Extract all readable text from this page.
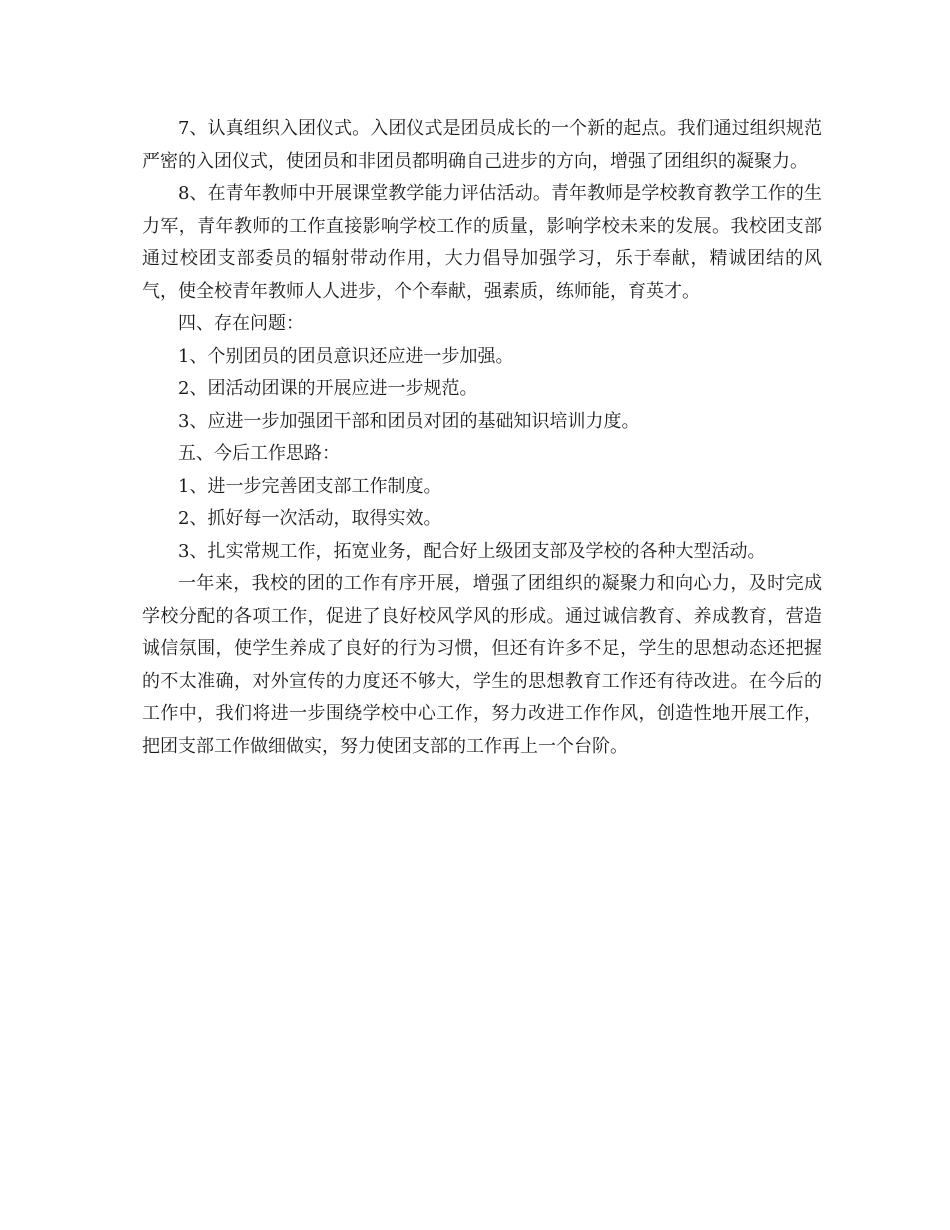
7、认真组织入团仪式。入团仪式是团员成长的一个新的起点。我们通过组织规范严密的入团仪式，使团员和非团员都明确自己进步的方向，增强了团组织的凝聚力。

8、在青年教师中开展课堂教学能力评估活动。青年教师是学校教育教学工作的生力军，青年教师的工作直接影响学校工作的质量，影响学校未来的发展。我校团支部通过校团支部委员的辐射带动作用，大力倡导加强学习，乐于奉献，精诚团结的风气，使全校青年教师人人进步，个个奉献，强素质，练师能，育英才。

四、存在问题：

1、个别团员的团员意识还应进一步加强。

2、团活动团课的开展应进一步规范。

3、应进一步加强团干部和团员对团的基础知识培训力度。

五、今后工作思路：

1、进一步完善团支部工作制度。

2、抓好每一次活动，取得实效。

3、扎实常规工作，拓宽业务，配合好上级团支部及学校的各种大型活动。

一年来，我校的团的工作有序开展，增强了团组织的凝聚力和向心力，及时完成学校分配的各项工作，促进了良好校风学风的形成。通过诚信教育、养成教育，营造诚信氛围，使学生养成了良好的行为习惯，但还有许多不足，学生的思想动态还把握的不太准确，对外宣传的力度还不够大，学生的思想教育工作还有待改进。在今后的工作中，我们将进一步围绕学校中心工作，努力改进工作作风，创造性地开展工作，把团支部工作做细做实，努力使团支部的工作再上一个台阶。
